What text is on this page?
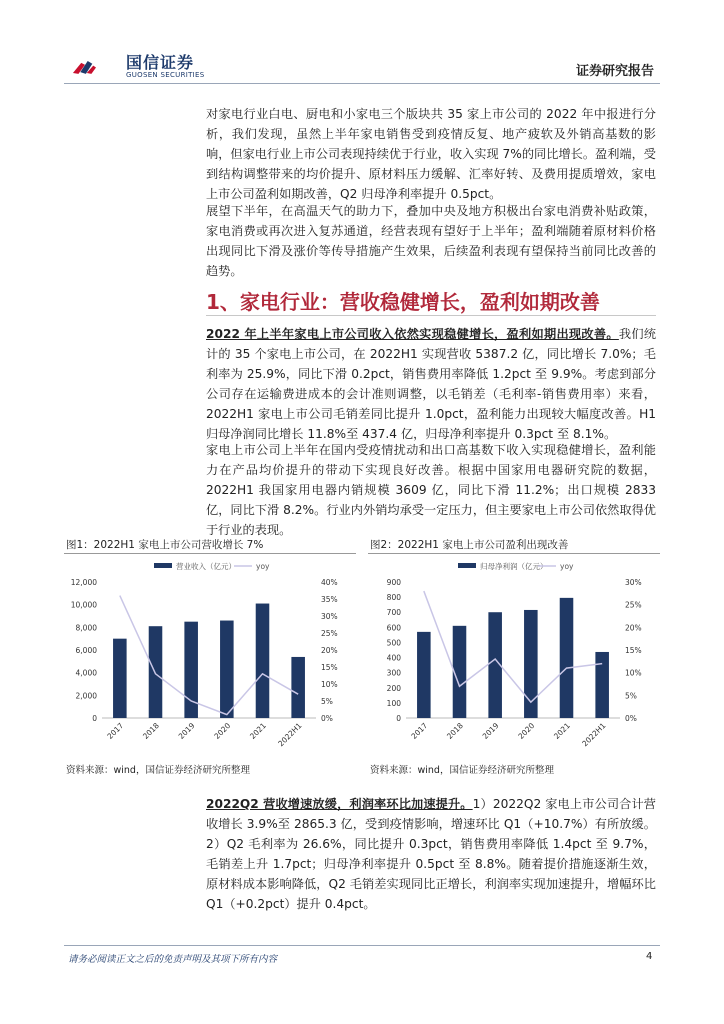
国信证券
GUOSEN SECURITIES	证券研究报告

对家电行业白电、厨电和小家电三个版块共 35 家上市公司的 2022 年中报进行分析，我们发现，虽然上半年家电销售受到疫情反复、地产疲软及外销高基数的影响，但家电行业上市公司表现持续优于行业，收入实现 7%的同比增长。盈利端，受到结构调整带来的均价提升、原材料压力缓解、汇率好转、及费用提质增效，家电上市公司盈利如期改善，Q2 归母净利率提升 0.5pct。

展望下半年，在高温天气的助力下，叠加中央及地方积极出台家电消费补贴政策，家电消费或再次进入复苏通道，经营表现有望好于上半年；盈利端随着原材料价格出现同比下滑及涨价等传导措施产生效果，后续盈利表现有望保持当前同比改善的趋势。

1、家电行业：营收稳健增长，盈利如期改善

2022 年上半年家电上市公司收入依然实现稳健增长，盈利如期出现改善。我们统计的 35 个家电上市公司，在 2022H1 实现营收 5387.2 亿，同比增长 7.0%；毛利率为 25.9%，同比下滑 0.2pct，销售费用率降低 1.2pct 至 9.9%。考虑到部分公司存在运输费进成本的会计准则调整，以毛销差（毛利率-销售费用率）来看，2022H1 家电上市公司毛销差同比提升 1.0pct，盈利能力出现较大幅度改善。H1 归母净润同比增长 11.8%至 437.4 亿，归母净利率提升 0.3pct 至 8.1%。

家电上市公司上半年在国内受疫情扰动和出口高基数下收入实现稳健增长，盈利能力在产品均价提升的带动下实现良好改善。根据中国家用电器研究院的数据，2022H1 我国家用电器内销规模 3609 亿，同比下滑 11.2%；出口规模 2833 亿，同比下滑 8.2%。行业内外销均承受一定压力，但主要家电上市公司依然取得优于行业的表现。

图1：2022H1 家电上市公司营收增长 7%
营业收入（亿元）	yoy
0
2,000
4,000
6,000
8,000
10,000
12,000
0%
5%
10%
15%
20%
25%
30%
35%
40%
2017 2018 2019 2020 2021 2022H1
资料来源：wind，国信证券经济研究所整理
图2：2022H1 家电上市公司盈利出现改善
归母净利润（亿元） yoy
0
100
200
300
400
500
600
700
800
900
0%
5%
10%
15%
20%
25%
30%
2017 2018 2019 2020 2021 2022H1
资料来源：wind，国信证券经济研究所整理

2022Q2 营收增速放缓，利润率环比加速提升。1）2022Q2 家电上市公司合计营收增长 3.9%至 2865.3 亿，受到疫情影响，增速环比 Q1（+10.7%）有所放缓。2）Q2 毛利率为 26.6%，同比提升 0.3pct，销售费用率降低 1.4pct 至 9.7%，毛销差上升 1.7pct；归母净利率提升 0.5pct 至 8.8%。随着提价措施逐渐生效，原材料成本影响降低，Q2 毛销差实现同比正增长，利润率实现加速提升，增幅环比 Q1（+0.2pct）提升 0.4pct。

请务必阅读正文之后的免责声明及其项下所有内容	4
